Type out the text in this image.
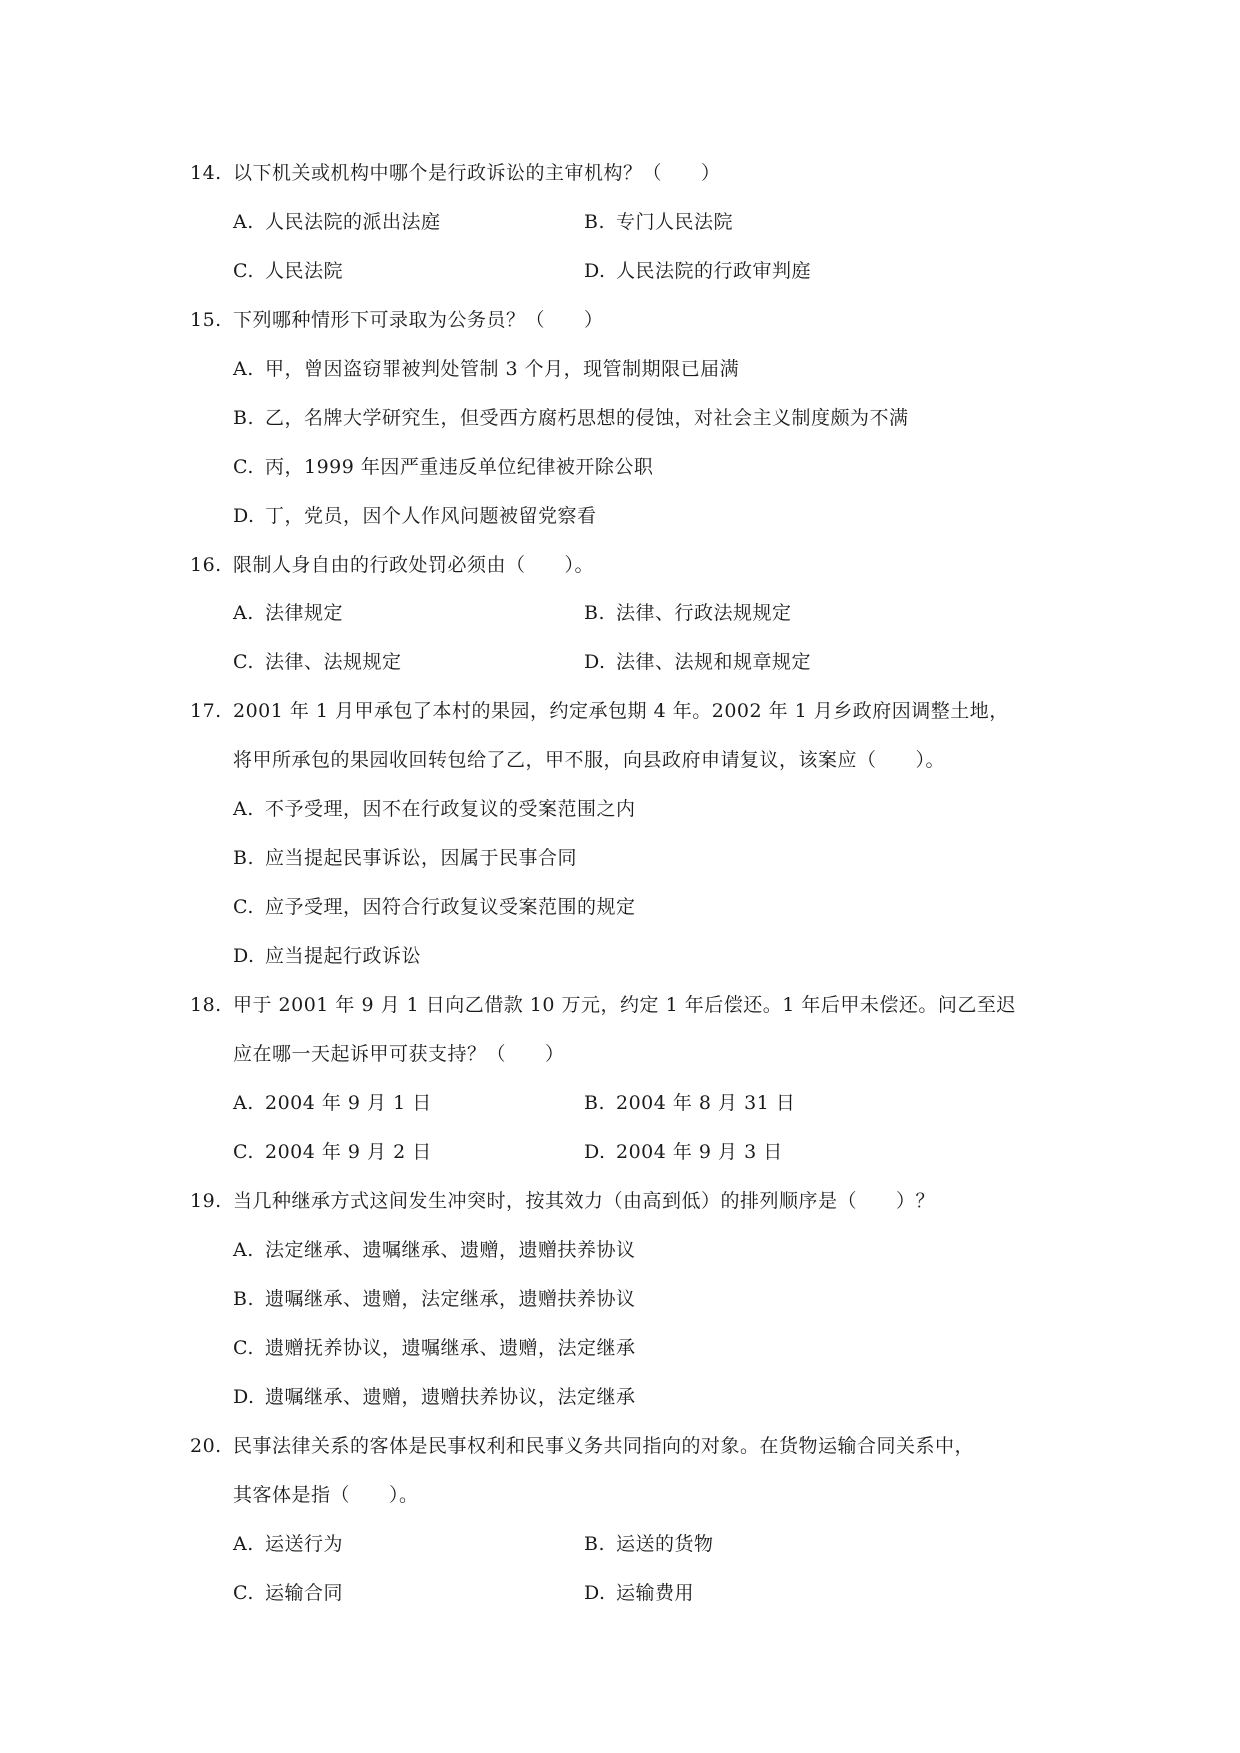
14. 以下机关或机构中哪个是行政诉讼的主审机构？（　　）
A. 人民法院的派出法庭	B. 专门人民法院
C. 人民法院	D. 人民法院的行政审判庭
15. 下列哪种情形下可录取为公务员？（　　）
A. 甲，曾因盗窃罪被判处管制 3 个月，现管制期限已届满
B. 乙，名牌大学研究生，但受西方腐朽思想的侵蚀，对社会主义制度颇为不满
C. 丙，1999 年因严重违反单位纪律被开除公职
D. 丁，党员，因个人作风问题被留党察看
16. 限制人身自由的行政处罚必须由（　　）。
A. 法律规定	B. 法律、行政法规规定
C. 法律、法规规定	D. 法律、法规和规章规定
17. 2001 年 1 月甲承包了本村的果园，约定承包期 4 年。2002 年 1 月乡政府因调整土地，
将甲所承包的果园收回转包给了乙，甲不服，向县政府申请复议，该案应（　　）。
A. 不予受理，因不在行政复议的受案范围之内
B. 应当提起民事诉讼，因属于民事合同
C. 应予受理，因符合行政复议受案范围的规定
D. 应当提起行政诉讼
18. 甲于 2001 年 9 月 1 日向乙借款 10 万元，约定 1 年后偿还。1 年后甲未偿还。问乙至迟
应在哪一天起诉甲可获支持？（　　）
A. 2004 年 9 月 1 日	B. 2004 年 8 月 31 日
C. 2004 年 9 月 2 日	D. 2004 年 9 月 3 日
19. 当几种继承方式这间发生冲突时，按其效力（由高到低）的排列顺序是（　　）？
A. 法定继承、遗嘱继承、遗赠，遗赠扶养协议
B. 遗嘱继承、遗赠，法定继承，遗赠扶养协议
C. 遗赠抚养协议，遗嘱继承、遗赠，法定继承
D. 遗嘱继承、遗赠，遗赠扶养协议，法定继承
20. 民事法律关系的客体是民事权利和民事义务共同指向的对象。在货物运输合同关系中，
其客体是指（　　）。
A. 运送行为	B. 运送的货物
C. 运输合同	D. 运输费用
